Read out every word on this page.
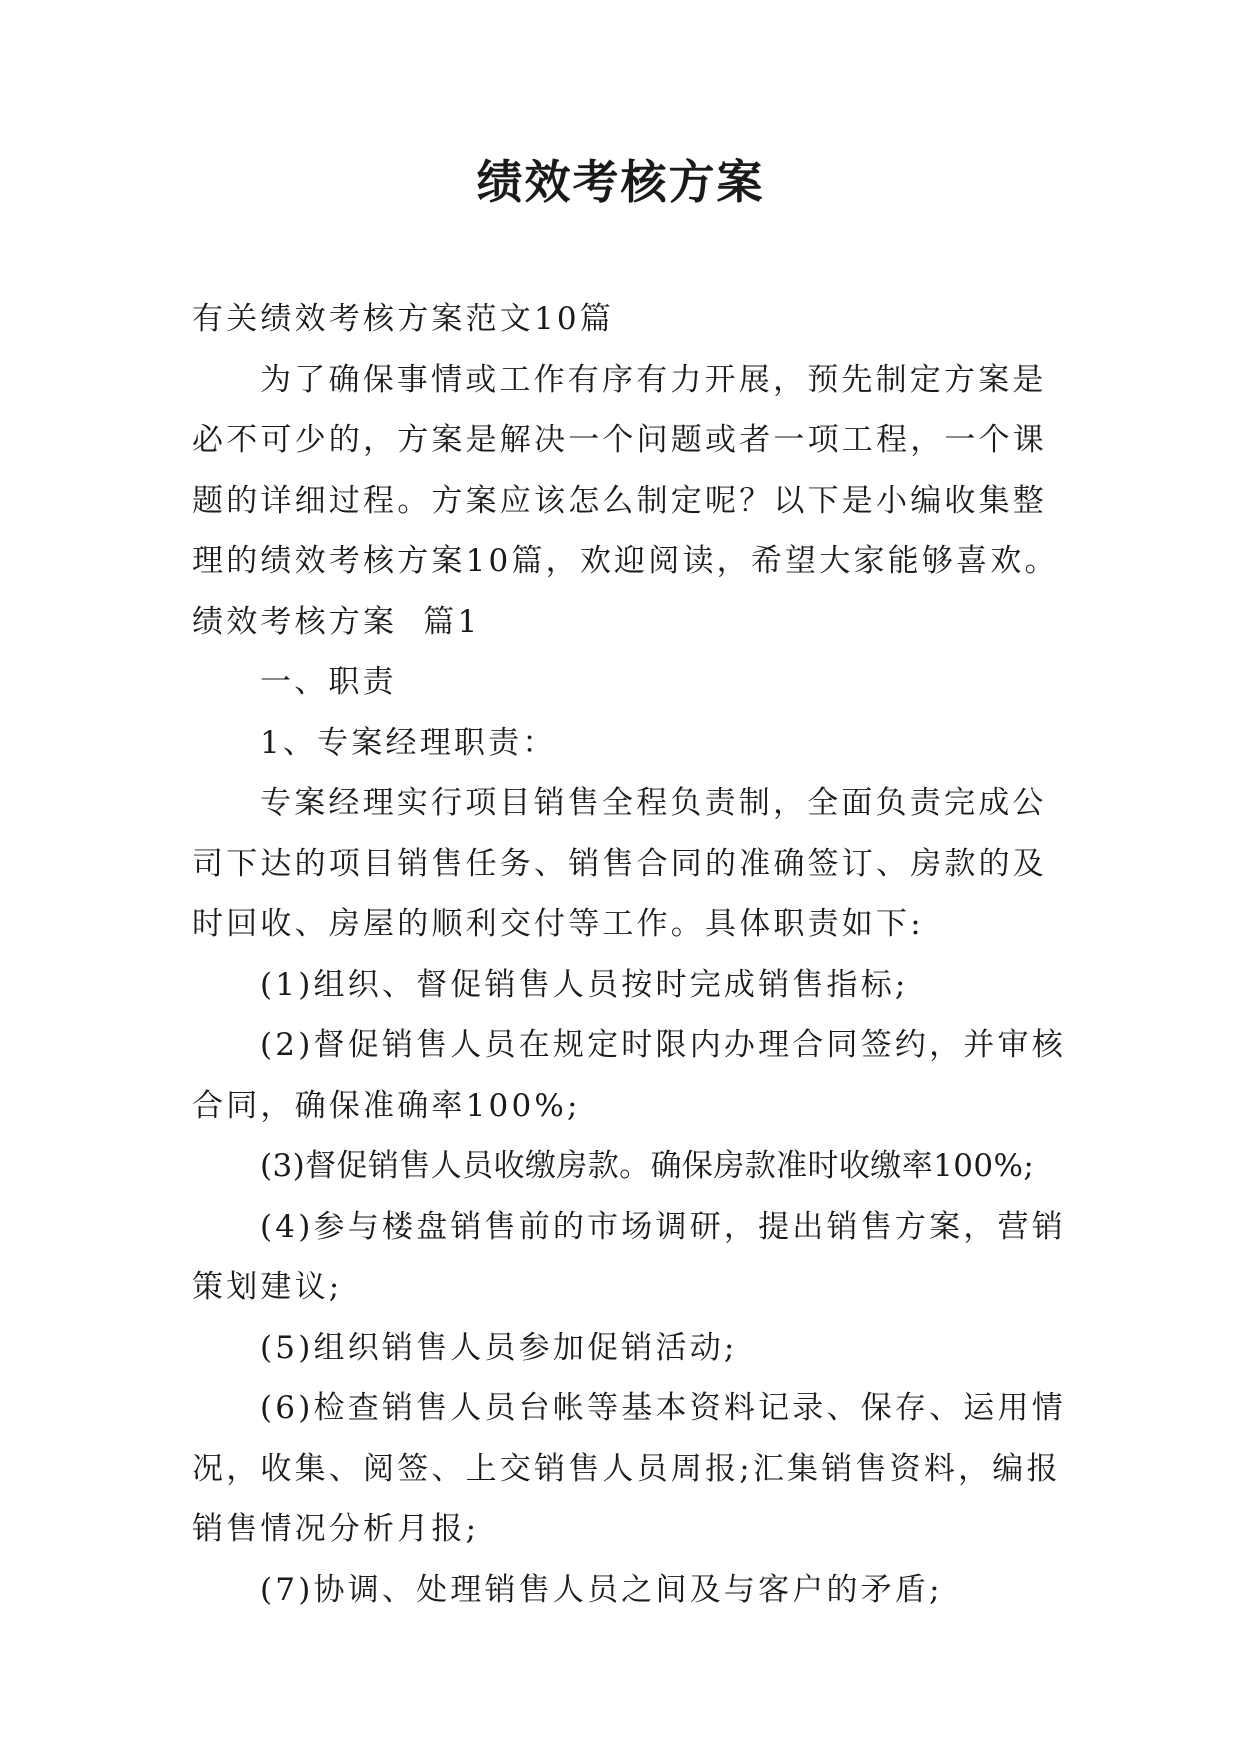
绩效考核方案

有关绩效考核方案范文10篇

为了确保事情或工作有序有力开展，预先制定方案是必不可少的，方案是解决一个问题或者一项工程，一个课题的详细过程。方案应该怎么制定呢？以下是小编收集整理的绩效考核方案10篇，欢迎阅读，希望大家能够喜欢。

绩效考核方案  篇1

一、职责

1、专案经理职责：

专案经理实行项目销售全程负责制，全面负责完成公司下达的项目销售任务、销售合同的准确签订、房款的及时回收、房屋的顺利交付等工作。具体职责如下:

(1)组织、督促销售人员按时完成销售指标;

(2)督促销售人员在规定时限内办理合同签约，并审核合同，确保准确率100%;

(3)督促销售人员收缴房款。确保房款准时收缴率100%;

(4)参与楼盘销售前的市场调研，提出销售方案，营销策划建议;

(5)组织销售人员参加促销活动;

(6)检查销售人员台帐等基本资料记录、保存、运用情况，收集、阅签、上交销售人员周报;汇集销售资料，编报销售情况分析月报;

(7)协调、处理销售人员之间及与客户的矛盾;
